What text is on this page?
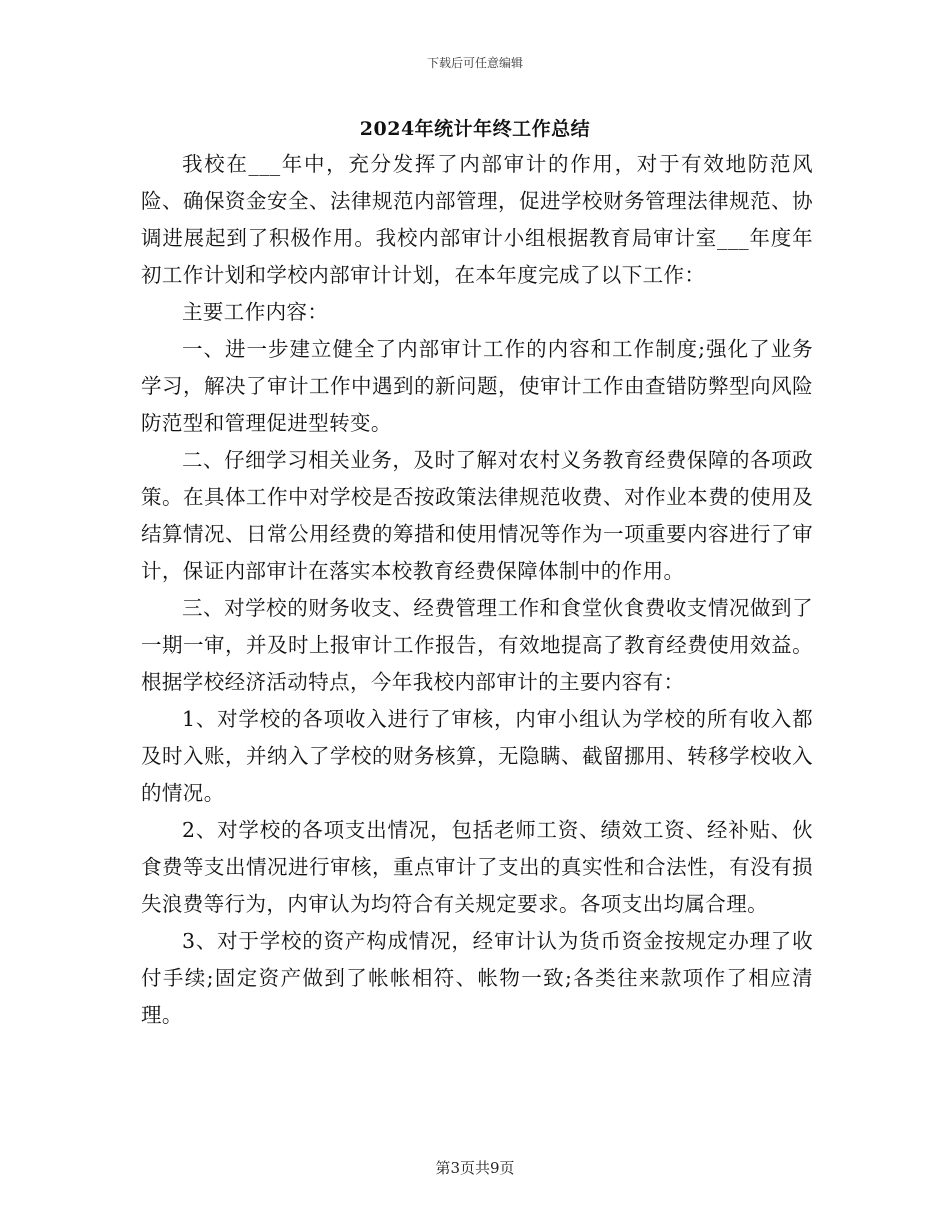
下载后可任意编辑
2024年统计年终工作总结

我校在___年中，充分发挥了内部审计的作用，对于有效地防范风险、确保资金安全、法律规范内部管理，促进学校财务管理法律规范、协调进展起到了积极作用。我校内部审计小组根据教育局审计室___年度年初工作计划和学校内部审计计划，在本年度完成了以下工作：

主要工作内容：

一、进一步建立健全了内部审计工作的内容和工作制度;强化了业务学习，解决了审计工作中遇到的新问题，使审计工作由查错防弊型向风险防范型和管理促进型转变。

二、仔细学习相关业务，及时了解对农村义务教育经费保障的各项政策。在具体工作中对学校是否按政策法律规范收费、对作业本费的使用及结算情况、日常公用经费的筹措和使用情况等作为一项重要内容进行了审计，保证内部审计在落实本校教育经费保障体制中的作用。

三、对学校的财务收支、经费管理工作和食堂伙食费收支情况做到了一期一审，并及时上报审计工作报告，有效地提高了教育经费使用效益。根据学校经济活动特点，今年我校内部审计的主要内容有：

1、对学校的各项收入进行了审核，内审小组认为学校的所有收入都及时入账，并纳入了学校的财务核算，无隐瞒、截留挪用、转移学校收入的情况。

2、对学校的各项支出情况，包括老师工资、绩效工资、经补贴、伙食费等支出情况进行审核，重点审计了支出的真实性和合法性，有没有损失浪费等行为，内审认为均符合有关规定要求。各项支出均属合理。

3、对于学校的资产构成情况，经审计认为货币资金按规定办理了收付手续;固定资产做到了帐帐相符、帐物一致;各类往来款项作了相应清理。

第3页共9页
